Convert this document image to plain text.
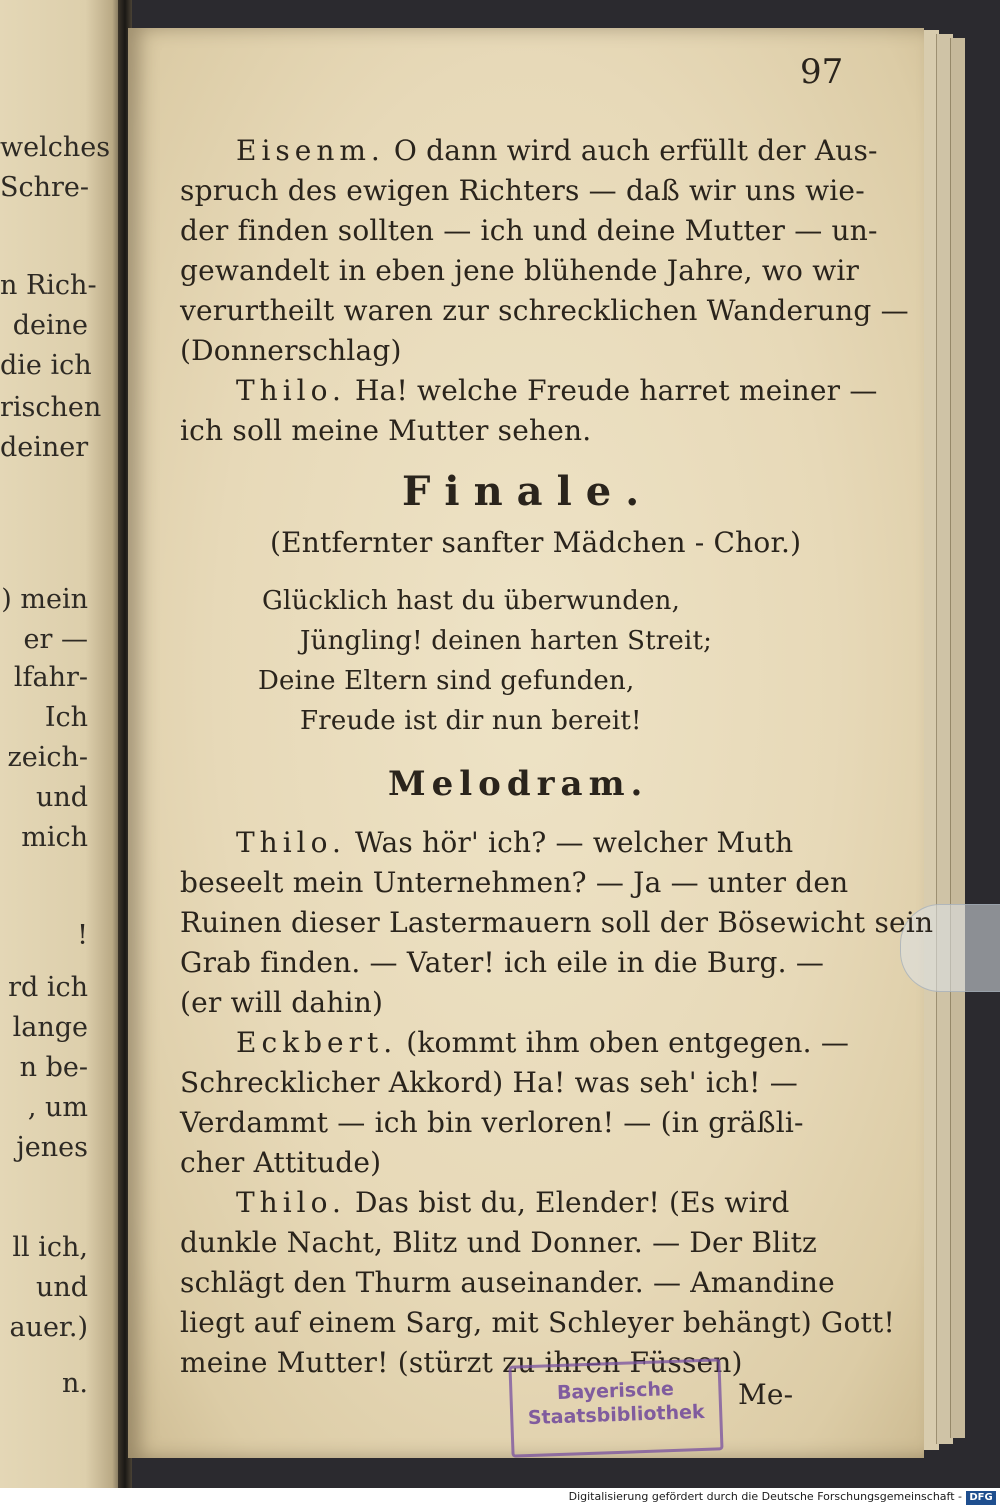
welches
Schre-
n Rich-
deine
die ich
rischen
deiner
) mein
er —
lfahr-
Ich
zeich-
und
mich
!
rd ich
lange
n be-
, um
jenes
ll ich,
und
auer.)
n.
97
Eisenm. O dann wird auch erfüllt der Aus-
spruch des ewigen Richters — daß wir uns wie-
der finden sollten — ich und deine Mutter — un-
gewandelt in eben jene blühende Jahre, wo wir
verurtheilt waren zur schrecklichen Wanderung —
(Donnerschlag)
Thilo. Ha! welche Freude harret meiner —
ich soll meine Mutter sehen.
Finale.
(Entfernter sanfter Mädchen - Chor.)
Glücklich hast du überwunden,
Jüngling! deinen harten Streit;
Deine Eltern sind gefunden,
Freude ist dir nun bereit!
Melodram.
Thilo. Was hör' ich? — welcher Muth
beseelt mein Unternehmen? — Ja — unter den
Ruinen dieser Lastermauern soll der Bösewicht sein
Grab finden. — Vater! ich eile in die Burg. —
(er will dahin)
Eckbert. (kommt ihm oben entgegen. —
Schrecklicher Akkord) Ha! was seh' ich! —
Verdammt — ich bin verloren! — (in gräßli-
cher Attitude)
Thilo. Das bist du, Elender! (Es wird
dunkle Nacht, Blitz und Donner. — Der Blitz
schlägt den Thurm auseinander. — Amandine
liegt auf einem Sarg, mit Schleyer behängt) Gott!
meine Mutter! (stürzt zu ihren Füssen)
Me-
Bayerische
Staatsbibliothek
Digitalisierung gefördert durch die Deutsche Forschungsgemeinschaft - DFG
